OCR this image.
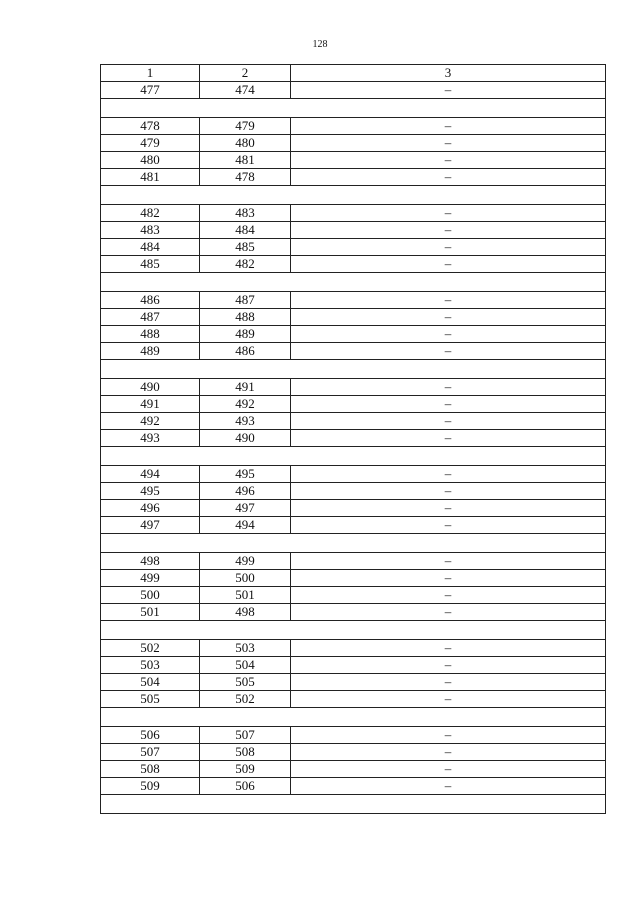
128
1	2	3
477	474	–

478	479	–
479	480	–
480	481	–
481	478	–

482	483	–
483	484	–
484	485	–
485	482	–

486	487	–
487	488	–
488	489	–
489	486	–

490	491	–
491	492	–
492	493	–
493	490	–

494	495	–
495	496	–
496	497	–
497	494	–

498	499	–
499	500	–
500	501	–
501	498	–

502	503	–
503	504	–
504	505	–
505	502	–

506	507	–
507	508	–
508	509	–
509	506	–
